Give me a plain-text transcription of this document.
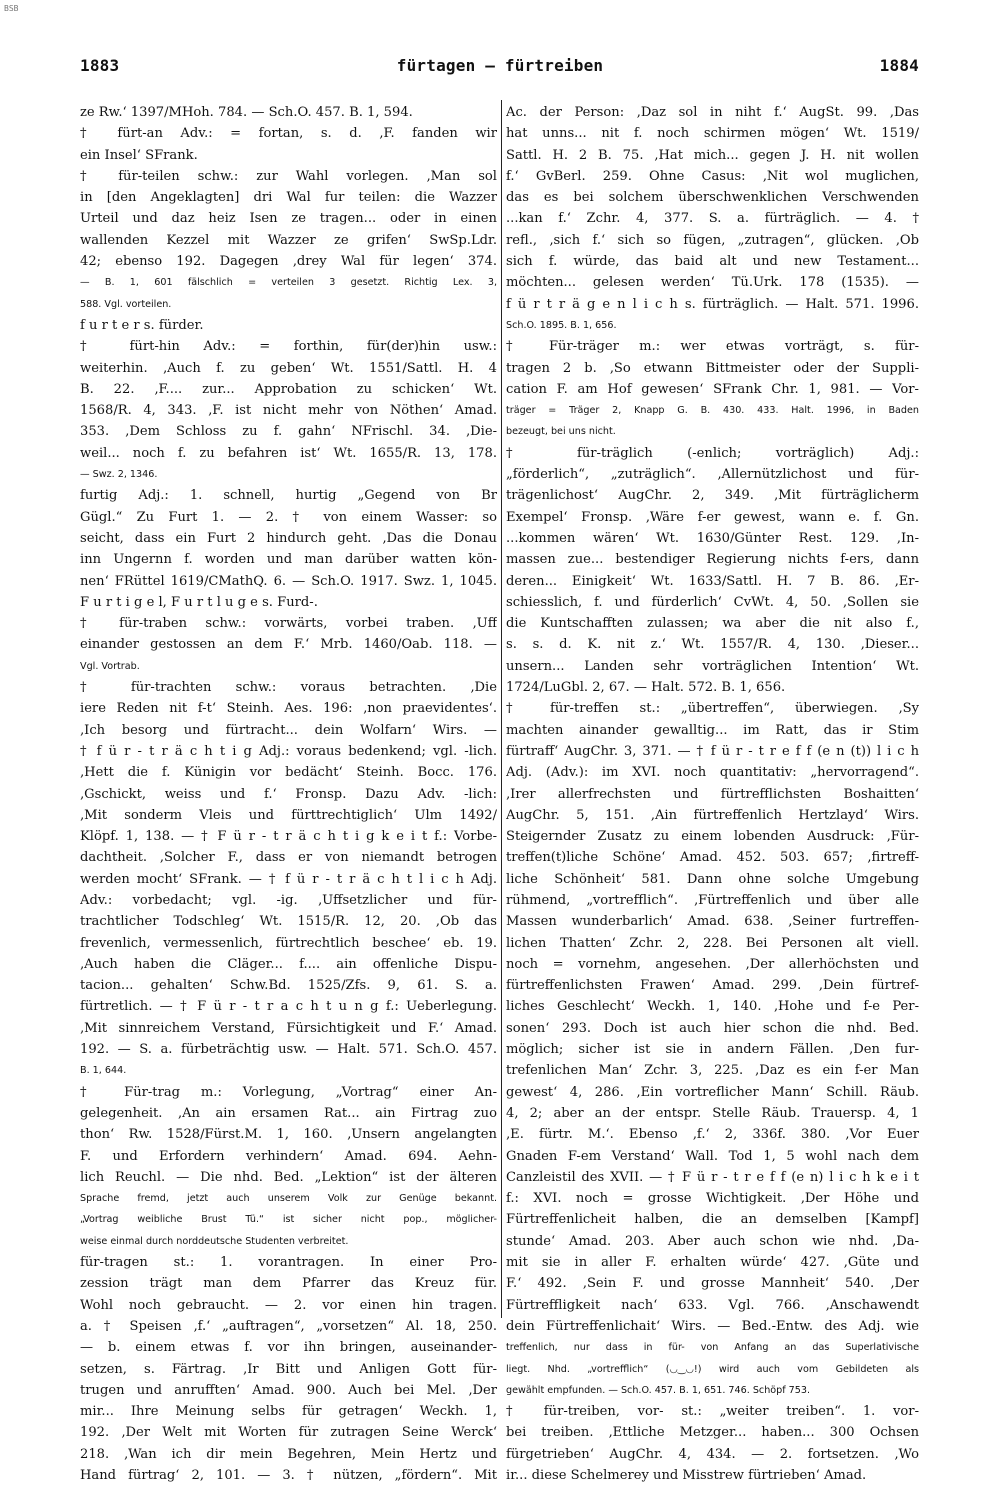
BSB
1883	fürtagen — fürtreiben	1884
ze Rw.‘ 1397/MHoh. 784. — Sch.O. 457. B. 1, 594.
† fürt-an Adv.: = fortan, s. d. ‚F. fanden wir
ein Insel‘ SFrank.
† für-teilen schw.: zur Wahl vorlegen. ‚Man sol
in [den Angeklagten] dri Wal fur teilen: die Wazzer
Urteil und daz heiz Isen ze tragen... oder in einen
wallenden Kezzel mit Wazzer ze grifen‘ SwSp.Ldr.
42; ebenso 192. Dagegen ‚drey Wal für legen‘ 374.
— B. 1, 601 fälschlich = verteilen 3 gesetzt. Richtig Lex. 3,
588. Vgl. vorteilen.
f u r t e r s. fürder.
† fürt-hin Adv.: = forthin, für(der)hin usw.:
weiterhin. ‚Auch f. zu geben‘ Wt. 1551/Sattl. H. 4
B. 22. ‚F.... zur... Approbation zu schicken‘ Wt.
1568/R. 4, 343. ‚F. ist nicht mehr von Nöthen‘ Amad.
353. ‚Dem Schloss zu f. gahn‘ NFrischl. 34. ‚Die-
weil... noch f. zu befahren ist‘ Wt. 1655/R. 13, 178.
— Swz. 2, 1346.
furtig Adj.: 1. schnell, hurtig „Gegend von Br
Gügl.“ Zu Furt 1. — 2. † von einem Wasser: so
seicht, dass ein Furt 2 hindurch geht. ‚Das die Donau
inn Ungernn f. worden und man darüber watten kön-
nen‘ FRüttel 1619/CMathQ. 6. — Sch.O. 1917. Swz. 1, 1045.
F u r t i g e l, F u r t l u g e s. Furd-.
† für-traben schw.: vorwärts, vorbei traben. ‚Uff
einander gestossen an dem F.‘ Mrb. 1460/Oab. 118. —
Vgl. Vortrab.
† für-trachten schw.: voraus betrachten. ‚Die
iere Reden nit f-t‘ Steinh. Aes. 196: ‚non praevidentes‘.
‚Ich besorg und fürtracht... dein Wolfarn‘ Wirs. —
† f ü r - t r ä c h t i g Adj.: voraus bedenkend; vgl. -lich.
‚Hett die f. Künigin vor bedächt‘ Steinh. Bocc. 176.
‚Gschickt, weiss und f.‘ Fronsp. Dazu Adv. -lich:
‚Mit sonderm Vleis und fürttrechtiglich‘ Ulm 1492/
Klöpf. 1, 138. — † F ü r - t r ä c h t i g k e i t f.: Vorbe-
dachtheit. ‚Solcher F., dass er von niemandt betrogen
werden mocht‘ SFrank. — † f ü r - t r ä c h t l i c h Adj.
Adv.: vorbedacht; vgl. -ig. ‚Uffsetzlicher und für-
trachtlicher Todschleg‘ Wt. 1515/R. 12, 20. ‚Ob das
frevenlich, vermessenlich, fürtrechtlich beschee‘ eb. 19.
‚Auch haben die Cläger... f.... ain offenliche Dispu-
tacion... gehalten‘ Schw.Bd. 1525/Zfs. 9, 61. S. a.
fürtretlich. — † F ü r - t r a c h t u n g f.: Ueberlegung.
‚Mit sinnreichem Verstand, Fürsichtigkeit und F.‘ Amad.
192. — S. a. fürbeträchtig usw. — Halt. 571. Sch.O. 457.
B. 1, 644.
† Für-trag m.: Vorlegung, „Vortrag“ einer An-
gelegenheit. ‚An ain ersamen Rat... ain Firtrag zuo
thon‘ Rw. 1528/Fürst.M. 1, 160. ‚Unsern angelangten
F. und Erfordern verhindern‘ Amad. 694. Aehn-
lich Reuchl. — Die nhd. Bed. „Lektion“ ist der älteren
Sprache fremd, jetzt auch unserem Volk zur Genüge bekannt.
„Vortrag weibliche Brust Tü.“ ist sicher nicht pop., möglicher-
weise einmal durch norddeutsche Studenten verbreitet.
für-tragen st.: 1. vorantragen. In einer Pro-
zession trägt man dem Pfarrer das Kreuz für.
Wohl noch gebraucht. — 2. vor einen hin tragen.
a. † Speisen ‚f.‘ „auftragen“, „vorsetzen“ Al. 18, 250.
— b. einem etwas f. vor ihn bringen, auseinander-
setzen, s. Färtrag. ‚Ir Bitt und Anligen Gott für-
trugen und anrufften‘ Amad. 900. Auch bei Mel. ‚Der
mir... Ihre Meinung selbs für getragen‘ Weckh. 1,
192. ‚Der Welt mit Worten für zutragen Seine Werck‘
218. ‚Wan ich dir mein Begehren, Mein Hertz und
Hand fürtrag‘ 2, 101. — 3. † nützen, „fördern“. Mit
Ac. der Person: ‚Daz sol in niht f.‘ AugSt. 99. ‚Das
hat unns... nit f. noch schirmen mögen‘ Wt. 1519/
Sattl. H. 2 B. 75. ‚Hat mich... gegen J. H. nit wollen
f.‘ GvBerl. 259. Ohne Casus: ‚Nit wol muglichen,
das es bei solchem überschwenklichen Verschwenden
...kan f.‘ Zchr. 4, 377. S. a. fürträglich. — 4. †
refl., ‚sich f.‘ sich so fügen, „zutragen“, glücken. ‚Ob
sich f. würde, das baid alt und new Testament...
möchten... gelesen werden‘ Tü.Urk. 178 (1535). —
f ü r t r ä g e n l i c h s. fürträglich. — Halt. 571. 1996.
Sch.O. 1895. B. 1, 656.
† Für-träger m.: wer etwas vorträgt, s. für-
tragen 2 b. ‚So etwann Bittmeister oder der Suppli-
cation F. am Hof gewesen‘ SFrank Chr. 1, 981. — Vor-
träger = Träger 2, Knapp G. B. 430. 433. Halt. 1996, in Baden
bezeugt, bei uns nicht.
† für-träglich (-enlich; vorträglich) Adj.:
„förderlich“, „zuträglich“. ‚Allernützlichost und für-
trägenlichost‘ AugChr. 2, 349. ‚Mit fürträglicherm
Exempel‘ Fronsp. ‚Wäre f-er gewest, wann e. f. Gn.
...kommen wären‘ Wt. 1630/Günter Rest. 129. ‚In-
massen zue... bestendiger Regierung nichts f-ers, dann
deren... Einigkeit‘ Wt. 1633/Sattl. H. 7 B. 86. ‚Er-
schiesslich, f. und fürderlich‘ CvWt. 4, 50. ‚Sollen sie
die Kuntschafften zulassen; wa aber die nit also f.,
s. s. d. K. nit z.‘ Wt. 1557/R. 4, 130. ‚Dieser...
unsern... Landen sehr vorträglichen Intention‘ Wt.
1724/LuGbl. 2, 67. — Halt. 572. B. 1, 656.
† für-treffen st.: „übertreffen“, überwiegen. ‚Sy
machten ainander gewalltig... im Ratt, das ir Stim
fürtraff‘ AugChr. 3, 371. — † f ü r - t r e f f (e n (t)) l i c h
Adj. (Adv.): im XVI. noch quantitativ: „hervorragend“.
‚Irer allerfrechsten und fürtrefflichsten Boshaitten‘
AugChr. 5, 151. ‚Ain fürtreffenlich Hertzlayd‘ Wirs.
Steigernder Zusatz zu einem lobenden Ausdruck: ‚Für-
treffen(t)liche Schöne‘ Amad. 452. 503. 657; ‚firtreff-
liche Schönheit‘ 581. Dann ohne solche Umgebung
rühmend, „vortrefflich“. ‚Fürtreffenlich und über alle
Massen wunderbarlich‘ Amad. 638. ‚Seiner furtreffen-
lichen Thatten‘ Zchr. 2, 228. Bei Personen alt viell.
noch = vornehm, angesehen. ‚Der allerhöchsten und
fürtreffenlichsten Frawen‘ Amad. 299. ‚Dein fürtref-
liches Geschlecht‘ Weckh. 1, 140. ‚Hohe und f-e Per-
sonen‘ 293. Doch ist auch hier schon die nhd. Bed.
möglich; sicher ist sie in andern Fällen. ‚Den fur-
trefenlichen Man‘ Zchr. 3, 225. ‚Daz es ein f-er Man
gewest‘ 4, 286. ‚Ein vortreflicher Mann‘ Schill. Räub.
4, 2; aber an der entspr. Stelle Räub. Trauersp. 4, 1
‚E. fürtr. M.‘. Ebenso ‚f.‘ 2, 336f. 380. ‚Vor Euer
Gnaden F-em Verstand‘ Wall. Tod 1, 5 wohl nach dem
Canzleistil des XVII. — † F ü r - t r e f f (e n) l i c h k e i t
f.: XVI. noch = grosse Wichtigkeit. ‚Der Höhe und
Fürtreffenlicheit halben, die an demselben [Kampf]
stunde‘ Amad. 203. Aber auch schon wie nhd. ‚Da-
mit sie in aller F. erhalten würde‘ 427. ‚Güte und
F.‘ 492. ‚Sein F. und grosse Mannheit‘ 540. ‚Der
Fürtreffligkeit nach‘ 633. Vgl. 766. ‚Anschawendt
dein Fürtreffenlichait‘ Wirs. — Bed.-Entw. des Adj. wie
treffenlich, nur dass in für- von Anfang an das Superlativische
liegt. Nhd. „vortrefflich“ (◡‿◡!) wird auch vom Gebildeten als
gewählt empfunden. — Sch.O. 457. B. 1, 651. 746. Schöpf 753.
† für-treiben, vor- st.: „weiter treiben“. 1. vor-
bei treiben. ‚Ettliche Metzger... haben... 300 Ochsen
fürgetrieben‘ AugChr. 4, 434. — 2. fortsetzen. ‚Wo
ir... diese Schelmerey und Misstrew fürtrieben‘ Amad.
